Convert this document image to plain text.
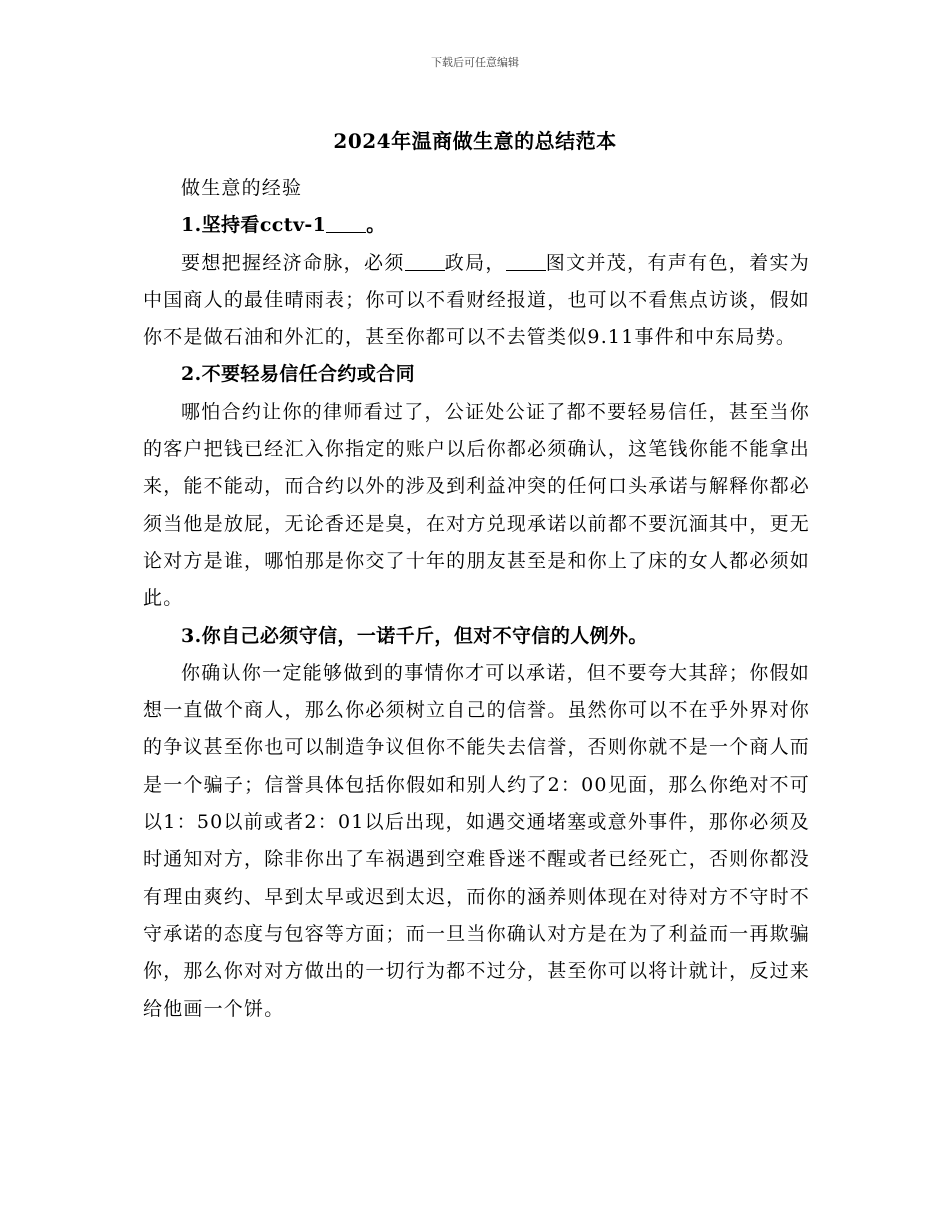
下载后可任意编辑
2024年温商做生意的总结范本

做生意的经验

1.坚持看cctv-1 。

要想把握经济命脉，必须 政局， 图文并茂，有声有色，着实为中国商人的最佳晴雨表；你可以不看财经报道，也可以不看焦点访谈，假如你不是做石油和外汇的，甚至你都可以不去管类似9.11事件和中东局势。

2.不要轻易信任合约或合同

哪怕合约让你的律师看过了，公证处公证了都不要轻易信任，甚至当你的客户把钱已经汇入你指定的账户以后你都必须确认，这笔钱你能不能拿出来，能不能动，而合约以外的涉及到利益冲突的任何口头承诺与解释你都必须当他是放屁，无论香还是臭，在对方兑现承诺以前都不要沉湎其中，更无论对方是谁，哪怕那是你交了十年的朋友甚至是和你上了床的女人都必须如此。

3.你自己必须守信，一诺千斤，但对不守信的人例外。

你确认你一定能够做到的事情你才可以承诺，但不要夸大其辞；你假如想一直做个商人，那么你必须树立自己的信誉。虽然你可以不在乎外界对你的争议甚至你也可以制造争议但你不能失去信誉，否则你就不是一个商人而是一个骗子；信誉具体包括你假如和别人约了2：00见面，那么你绝对不可以1：50以前或者2：01以后出现，如遇交通堵塞或意外事件，那你必须及时通知对方，除非你出了车祸遇到空难昏迷不醒或者已经死亡，否则你都没有理由爽约、早到太早或迟到太迟，而你的涵养则体现在对待对方不守时不守承诺的态度与包容等方面；而一旦当你确认对方是在为了利益而一再欺骗你，那么你对对方做出的一切行为都不过分，甚至你可以将计就计，反过来给他画一个饼。
